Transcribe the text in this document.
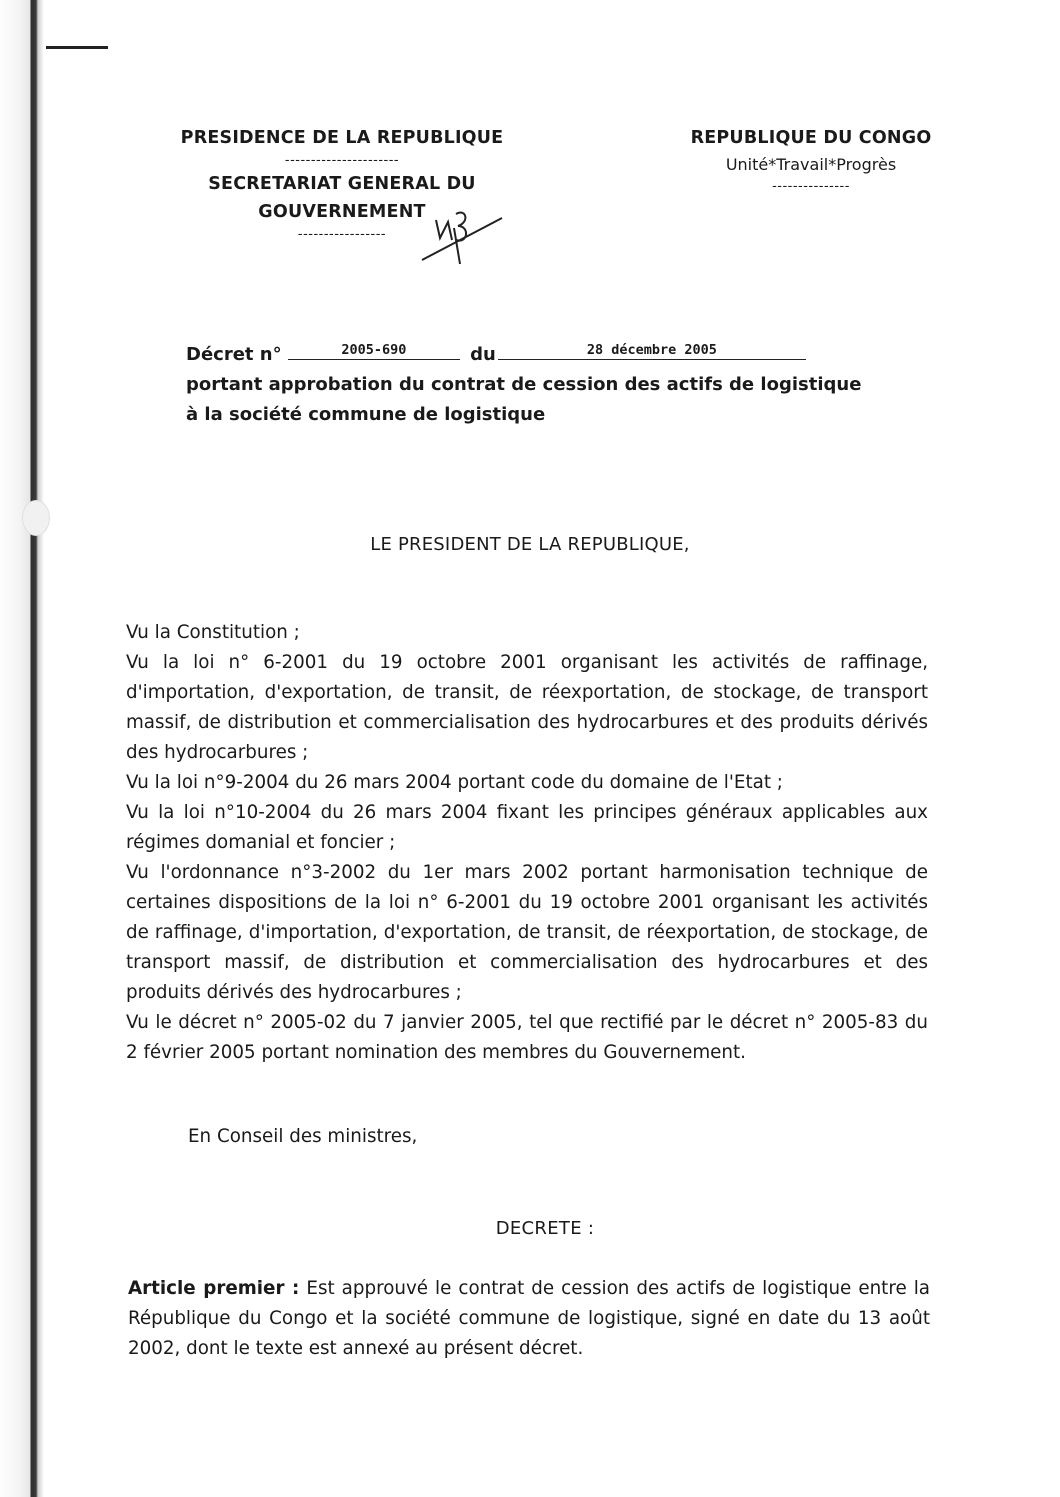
PRESIDENCE DE LA REPUBLIQUE
----------------------
SECRETARIAT GENERAL DU
GOUVERNEMENT
-----------------
REPUBLIQUE DU CONGO
Unité*Travail*Progrès
---------------
Décret n°	2005-690	du	28 décembre 2005
portant approbation du contrat de cession des actifs de logistique
à la société commune de logistique
LE PRESIDENT DE LA REPUBLIQUE,

Vu la Constitution ;

Vu la loi n° 6-2001 du 19 octobre 2001 organisant les activités de raffinage, d'importation, d'exportation, de transit, de réexportation, de stockage, de transport massif, de distribution et commercialisation des hydrocarbures et des produits dérivés des hydrocarbures ;

Vu la loi n°9-2004 du 26 mars 2004 portant code du domaine de l'Etat ;

Vu la loi n°10-2004 du 26 mars 2004 fixant les principes généraux applicables aux régimes domanial et foncier ;

Vu l'ordonnance n°3-2002 du 1er mars 2002 portant harmonisation technique de certaines dispositions de la loi n° 6-2001 du 19 octobre 2001 organisant les activités de raffinage, d'importation, d'exportation, de transit, de réexportation, de stockage, de transport massif, de distribution et commercialisation des hydrocarbures et des produits dérivés des hydrocarbures ;

Vu le décret n° 2005-02 du 7 janvier 2005, tel que rectifié par le décret n° 2005-83 du 2 février 2005 portant nomination des membres du Gouvernement.

En Conseil des ministres,
DECRETE :

Article premier : Est approuvé le contrat de cession des actifs de logistique entre la République du Congo et la société commune de logistique, signé en date du 13 août 2002, dont le texte est annexé au présent décret.
